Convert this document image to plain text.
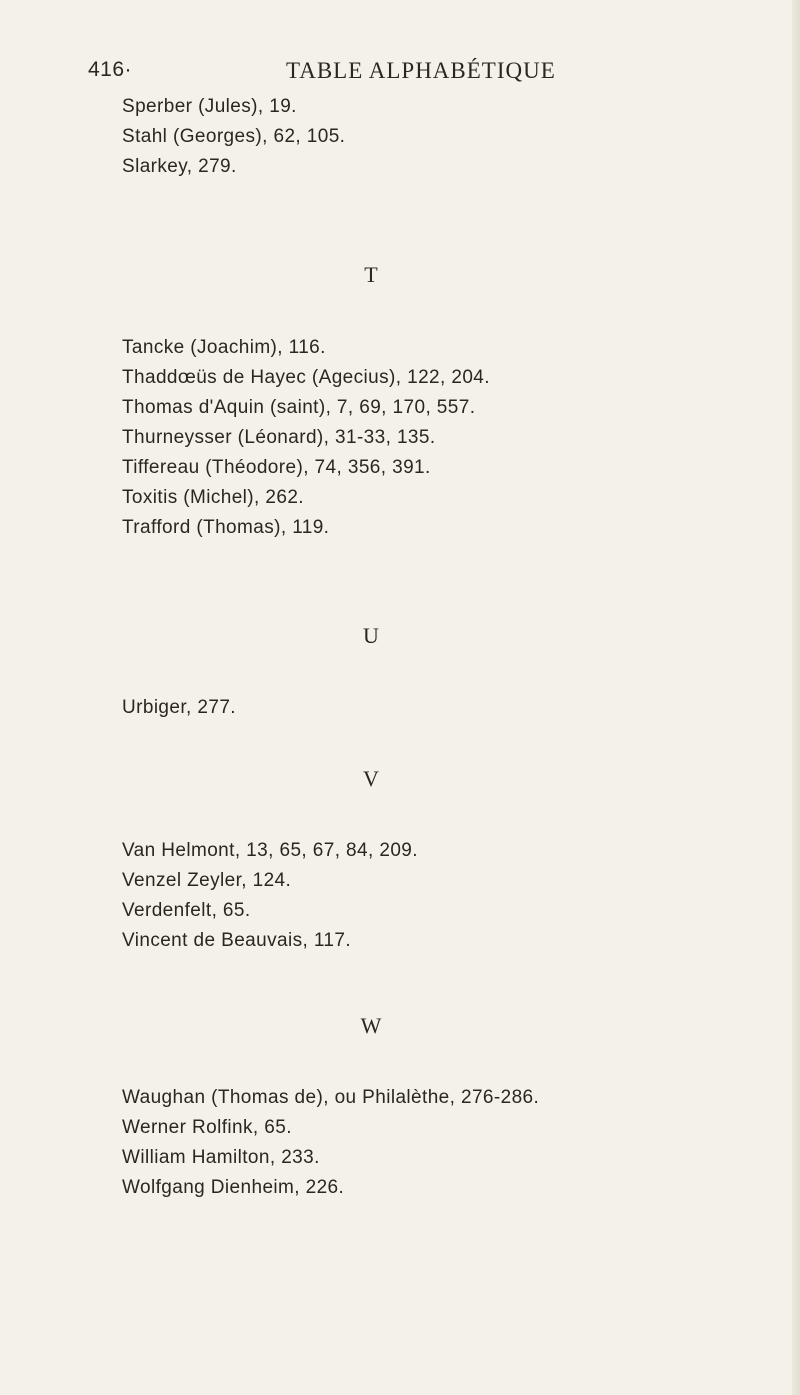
416·	TABLE ALPHABÉTIQUE
Sperber (Jules), 19.
Stahl (Georges), 62, 105.
Slarkey, 279.
T
Tancke (Joachim), 116.
Thaddœüs de Hayec (Agecius), 122, 204.
Thomas d'Aquin (saint), 7, 69, 170, 557.
Thurneysser (Léonard), 31-33, 135.
Tiffereau (Théodore), 74, 356, 391.
Toxitis (Michel), 262.
Trafford (Thomas), 119.
U
Urbiger, 277.
V
Van Helmont, 13, 65, 67, 84, 209.
Venzel Zeyler, 124.
Verdenfelt, 65.
Vincent de Beauvais, 117.
W
Waughan (Thomas de), ou Philalèthe, 276-286.
Werner Rolfink, 65.
William Hamilton, 233.
Wolfgang Dienheim, 226.
